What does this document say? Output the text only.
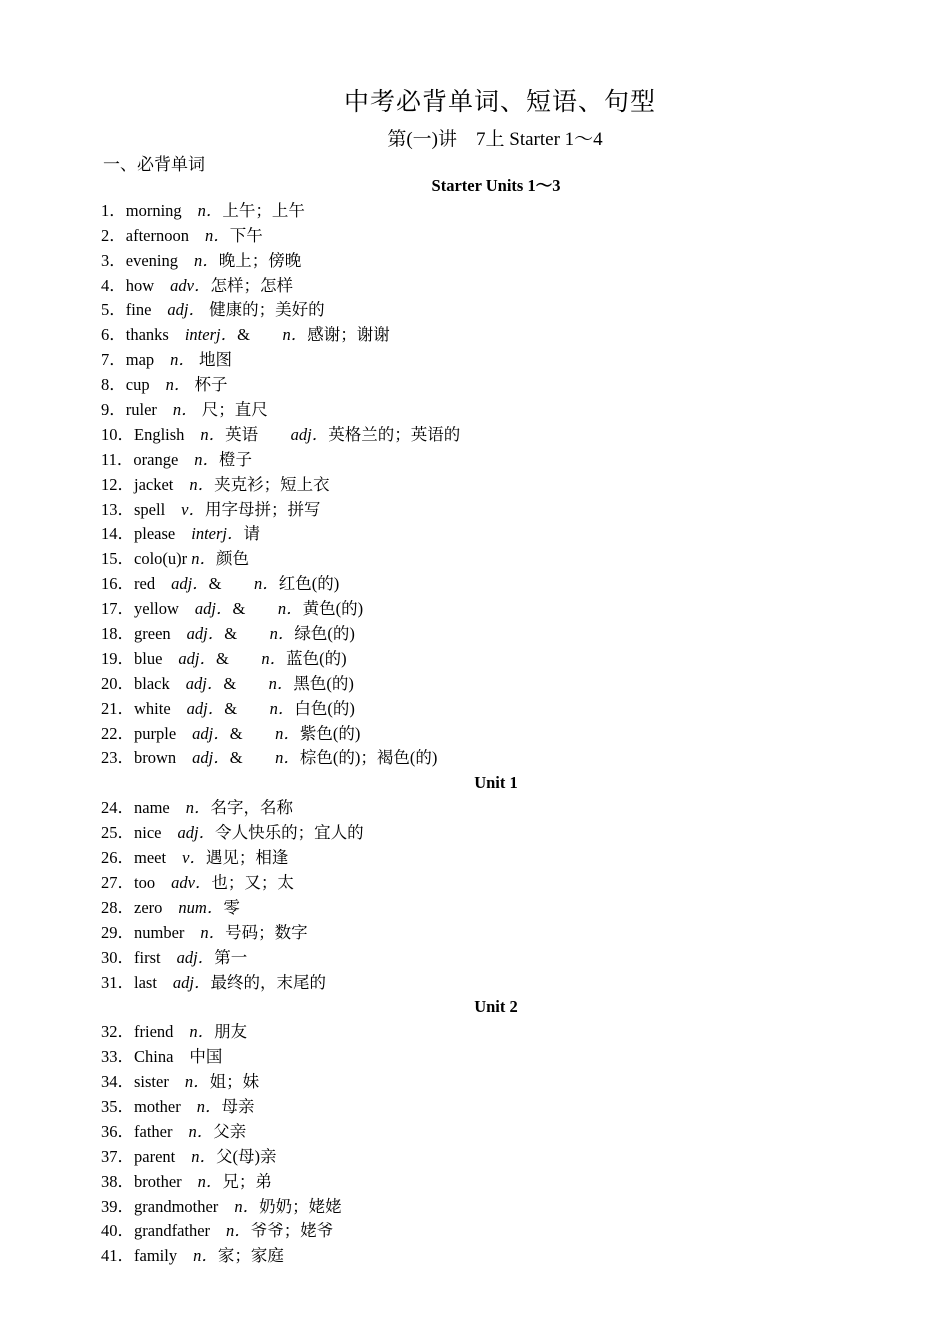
中考必背单词、短语、句型
第(一)讲　7上 Starter 1～4
一、必背单词
Starter Units 1～3
1．morning n．上午；上午
2．afternoon n．下午
3．evening n．晚上；傍晚
4．how adv．怎样；怎样
5．fine adj． 健康的；美好的
6．thanks interj．&　n．感谢；谢谢
7．map n． 地图
8．cup n． 杯子
9．ruler n． 尺；直尺
10．English n．英语　adj．英格兰的；英语的
11．orange n．橙子
12．jacket n．夹克衫；短上衣
13．spell v．用字母拼；拼写
14．please interj．请
15．colo(u)r n．颜色
16．red adj．&　n．红色(的)
17．yellow adj．&　n．黄色(的)
18．green adj．&　n．绿色(的)
19．blue adj．&　n．蓝色(的)
20．black adj．&　n．黑色(的)
21．white adj．&　n．白色(的)
22．purple adj．&　n．紫色(的)
23．brown adj．&　n．棕色(的)；褐色(的)
Unit 1
24．name n．名字，名称
25．nice adj．令人快乐的；宜人的
26．meet v．遇见；相逢
27．too adv．也；又；太
28．zero num．零
29．number n．号码；数字
30．first adj．第一
31．last adj．最终的，末尾的
Unit 2
32．friend n．朋友
33．China 中国
34．sister n．姐；妹
35．mother n．母亲
36．father n．父亲
37．parent n．父(母)亲
38．brother n．兄；弟
39．grandmother n．奶奶；姥姥
40．grandfather n．爷爷；姥爷
41．family n．家；家庭
